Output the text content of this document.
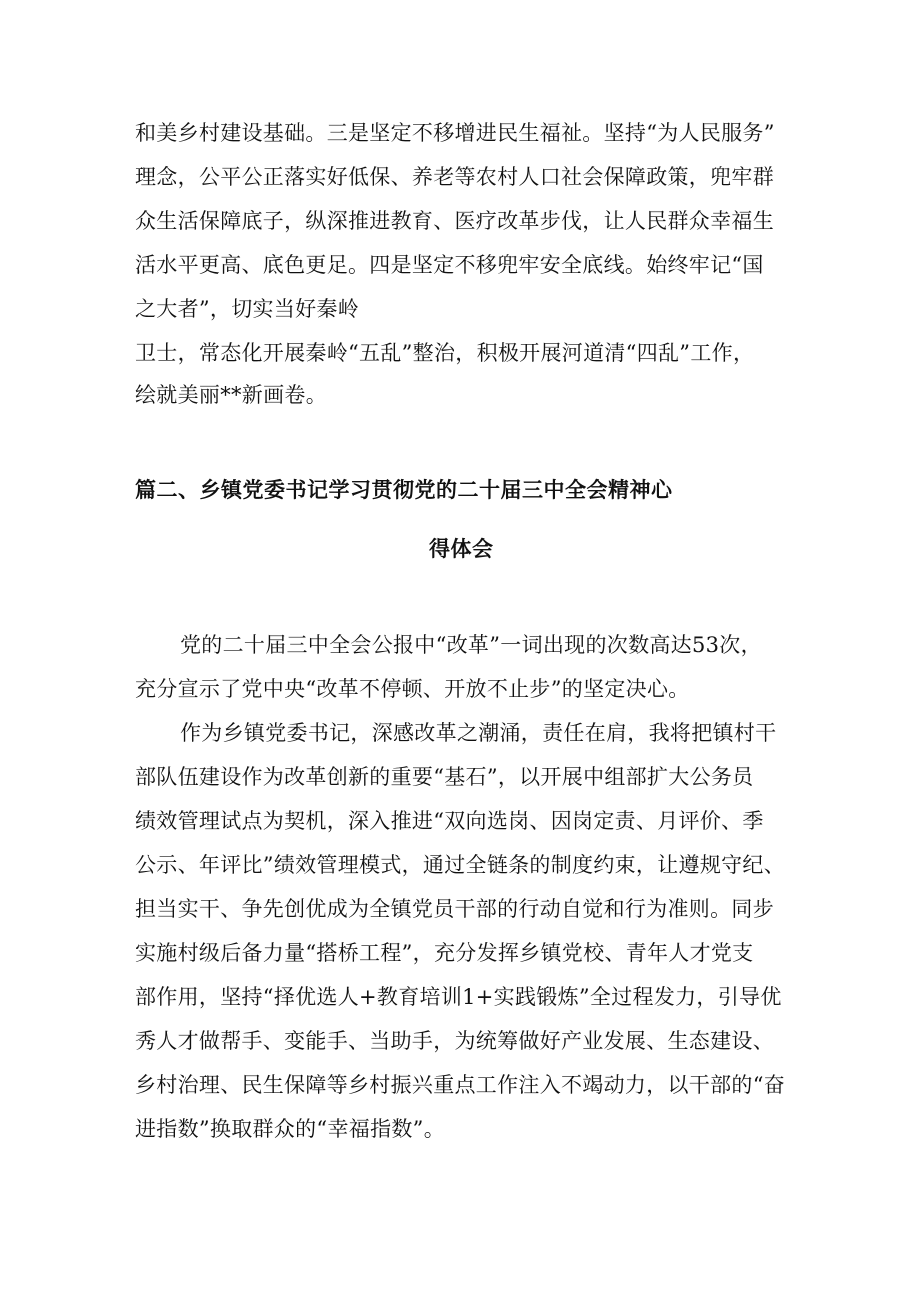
和美乡村建设基础。三是坚定不移增进民生福祉。坚持“为人民服务”
理念，公平公正落实好低保、养老等农村人口社会保障政策，兜牢群
众生活保障底子，纵深推进教育、医疗改革步伐，让人民群众幸福生
活水平更高、底色更足。四是坚定不移兜牢安全底线。始终牢记“国
之大者”，切实当好秦岭
卫士，常态化开展秦岭“五乱”整治，积极开展河道清“四乱”工作，
绘就美丽**新画卷。
篇二、乡镇党委书记学习贯彻党的二十届三中全会精神心
得体会
党的二十届三中全会公报中“改革”一词出现的次数高达53次，
充分宣示了党中央“改革不停顿、开放不止步”的坚定决心。
作为乡镇党委书记，深感改革之潮涌，责任在肩，我将把镇村干
部队伍建设作为改革创新的重要“基石”，以开展中组部扩大公务员
绩效管理试点为契机，深入推进“双向选岗、因岗定责、月评价、季
公示、年评比”绩效管理模式，通过全链条的制度约束，让遵规守纪、
担当实干、争先创优成为全镇党员干部的行动自觉和行为准则。同步
实施村级后备力量“搭桥工程”，充分发挥乡镇党校、青年人才党支
部作用，坚持“择优选人+教育培训1+实践锻炼”全过程发力，引导优
秀人才做帮手、变能手、当助手，为统筹做好产业发展、生态建设、
乡村治理、民生保障等乡村振兴重点工作注入不竭动力，以干部的“奋
进指数”换取群众的“幸福指数”。
